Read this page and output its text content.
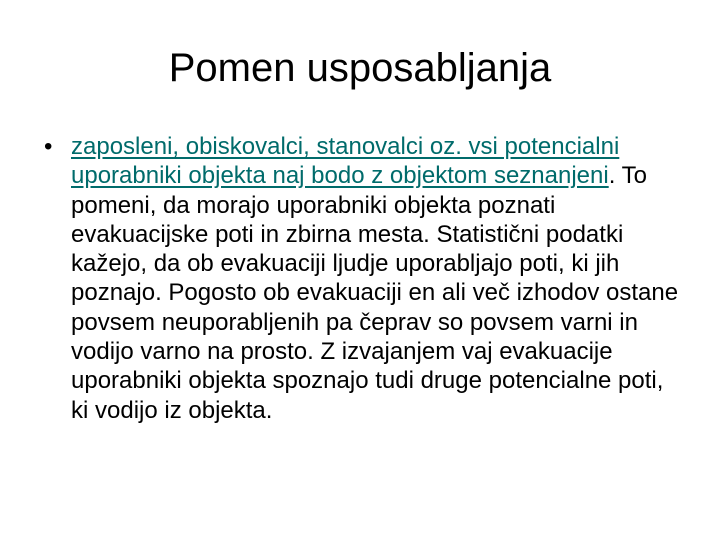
Pomen usposabljanja
• zaposleni, obiskovalci, stanovalci oz. vsi potencialni uporabniki objekta naj bodo z objektom seznanjeni. To pomeni, da morajo uporabniki objekta poznati evakuacijske poti in zbirna mesta. Statistični podatki kažejo, da ob evakuaciji ljudje uporabljajo poti, ki jih poznajo. Pogosto ob evakuaciji en ali več izhodov ostane povsem neuporabljenih pa čeprav so povsem varni in vodijo varno na prosto. Z izvajanjem vaj evakuacije uporabniki objekta spoznajo tudi druge potencialne poti, ki vodijo iz objekta.
